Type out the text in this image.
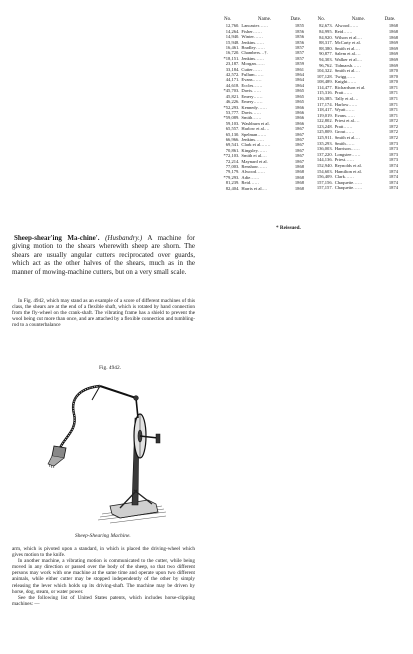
No.	Name.	Date.
12,760.	Lancaster……	1855
14,264.	Fisher……	1856
14,940.	Winter……	1856
15,948.	Jenkins……	1856
16,461.	Bradley……	1857
16,720.	Chambers…†.	1857
*18,151.	Jenkins……	1857
23,187.	Morgan……	1859
33,184.	Cutter……	1861
42,572.	Fullum……	1864
44,171.	Evans……	1864
44,618.	Eccles……	1864
*45,703.	Davis……	1865
45,821.	Emery……	1865
46,226.	Emery……	1865
*52,293.	Kennedy……	1866
53,777.	Davis……	1866
*59,089.	Smith……	1866
59,103.	Washburn et al.	1866
65,557.	Harlow et al.…	1867
65,130.	Spelman……	1867
66,966.	Jenkins……	1867
69,541.	Clark et al.……	1867
70,861.	Kingsley……	1867
*72,103.	Smith et al.…	1867
72,214.	Maynard et al.	1867
77,003.	Renshaw……	1868
79,179.	Alwood……	1868
*79,293.	Adie……	1868
81,239.	Reid……	1868
82,404.	Harris et al.…	1868
No.	Name.	Date.
82,673.	Alwood……	1868
84,995.	Reid……	1868
84,920.	Wilson et al.…	1868
88,317.	McCarty et al.	1869
88,380.	Smith et al.…	1869
90,877.	Salem et al.…	1869
94,303.	Walker et al.…	1869
96,762.	Tidmarsh……	1869
104,322.	Smith et al.…	1870
107,128.	Twigg……	1870
108,489.	Knight……	1870
114,477.	Richardson et al.	1871
115,316.	Pratt……	1871
116,385.	Tally et al.…	1871
117,174.	Harlow……	1871
118,417.	Wyatt……	1871
119,019.	Evans……	1871
122,802.	Priest et al.…	1872
123,248.	Pratt……	1872
125,809.	Grout……	1872
125,911.	Smith et al.…	1872
135,293.	Smith……	1873
136,003.	Harrison……	1873
137,220.	Longstee……	1873
144,136.	Priest……	1873
152,940.	Reynolds et al.	1874
154,603.	Hamilton et al.	1874
156,409.	Clark……	1874
157,156.	Chaquette……	1874
157,157.	Chaquette……	1874
* Reissued.
Sheep-shear′ing Ma-chine′. (Husbandry.) A machine for giving motion to the shears wherewith sheep are shorn. The shears are usually angular cutters reciprocated over guards, which act as the other halves of the shears, much as in the manner of mowing-machine cutters, but on a very small scale.
In Fig. 4942, which may stand as an example of a score of different machines of this class, the shears are at the end of a flexible shaft, which is rotated by hand connection from the fly-wheel on the crank-shaft. The vibrating frame has a shield to prevent the wool being cut more than once, and are attached by a flexible connection and tumbling-rod to a counterbalance
Fig. 4942.
Sheep-Shearing Machine.

arm, which is pivoted upon a standard, in which is placed the driving-wheel which gives motion to the knife.

In another machine, a vibrating motion is communicated to the cutter, while being moved in any direction or passed over the body of the sheep, so that two different persons may work with one machine at the same time and operate upon two different animals, while either cutter may be stopped independently of the other by simply releasing the lever which holds up its driving-shaft. The machine may be driven by horse, dog, steam, or water power.

See the following list of United States patents, which includes horse-clipping machines: —
